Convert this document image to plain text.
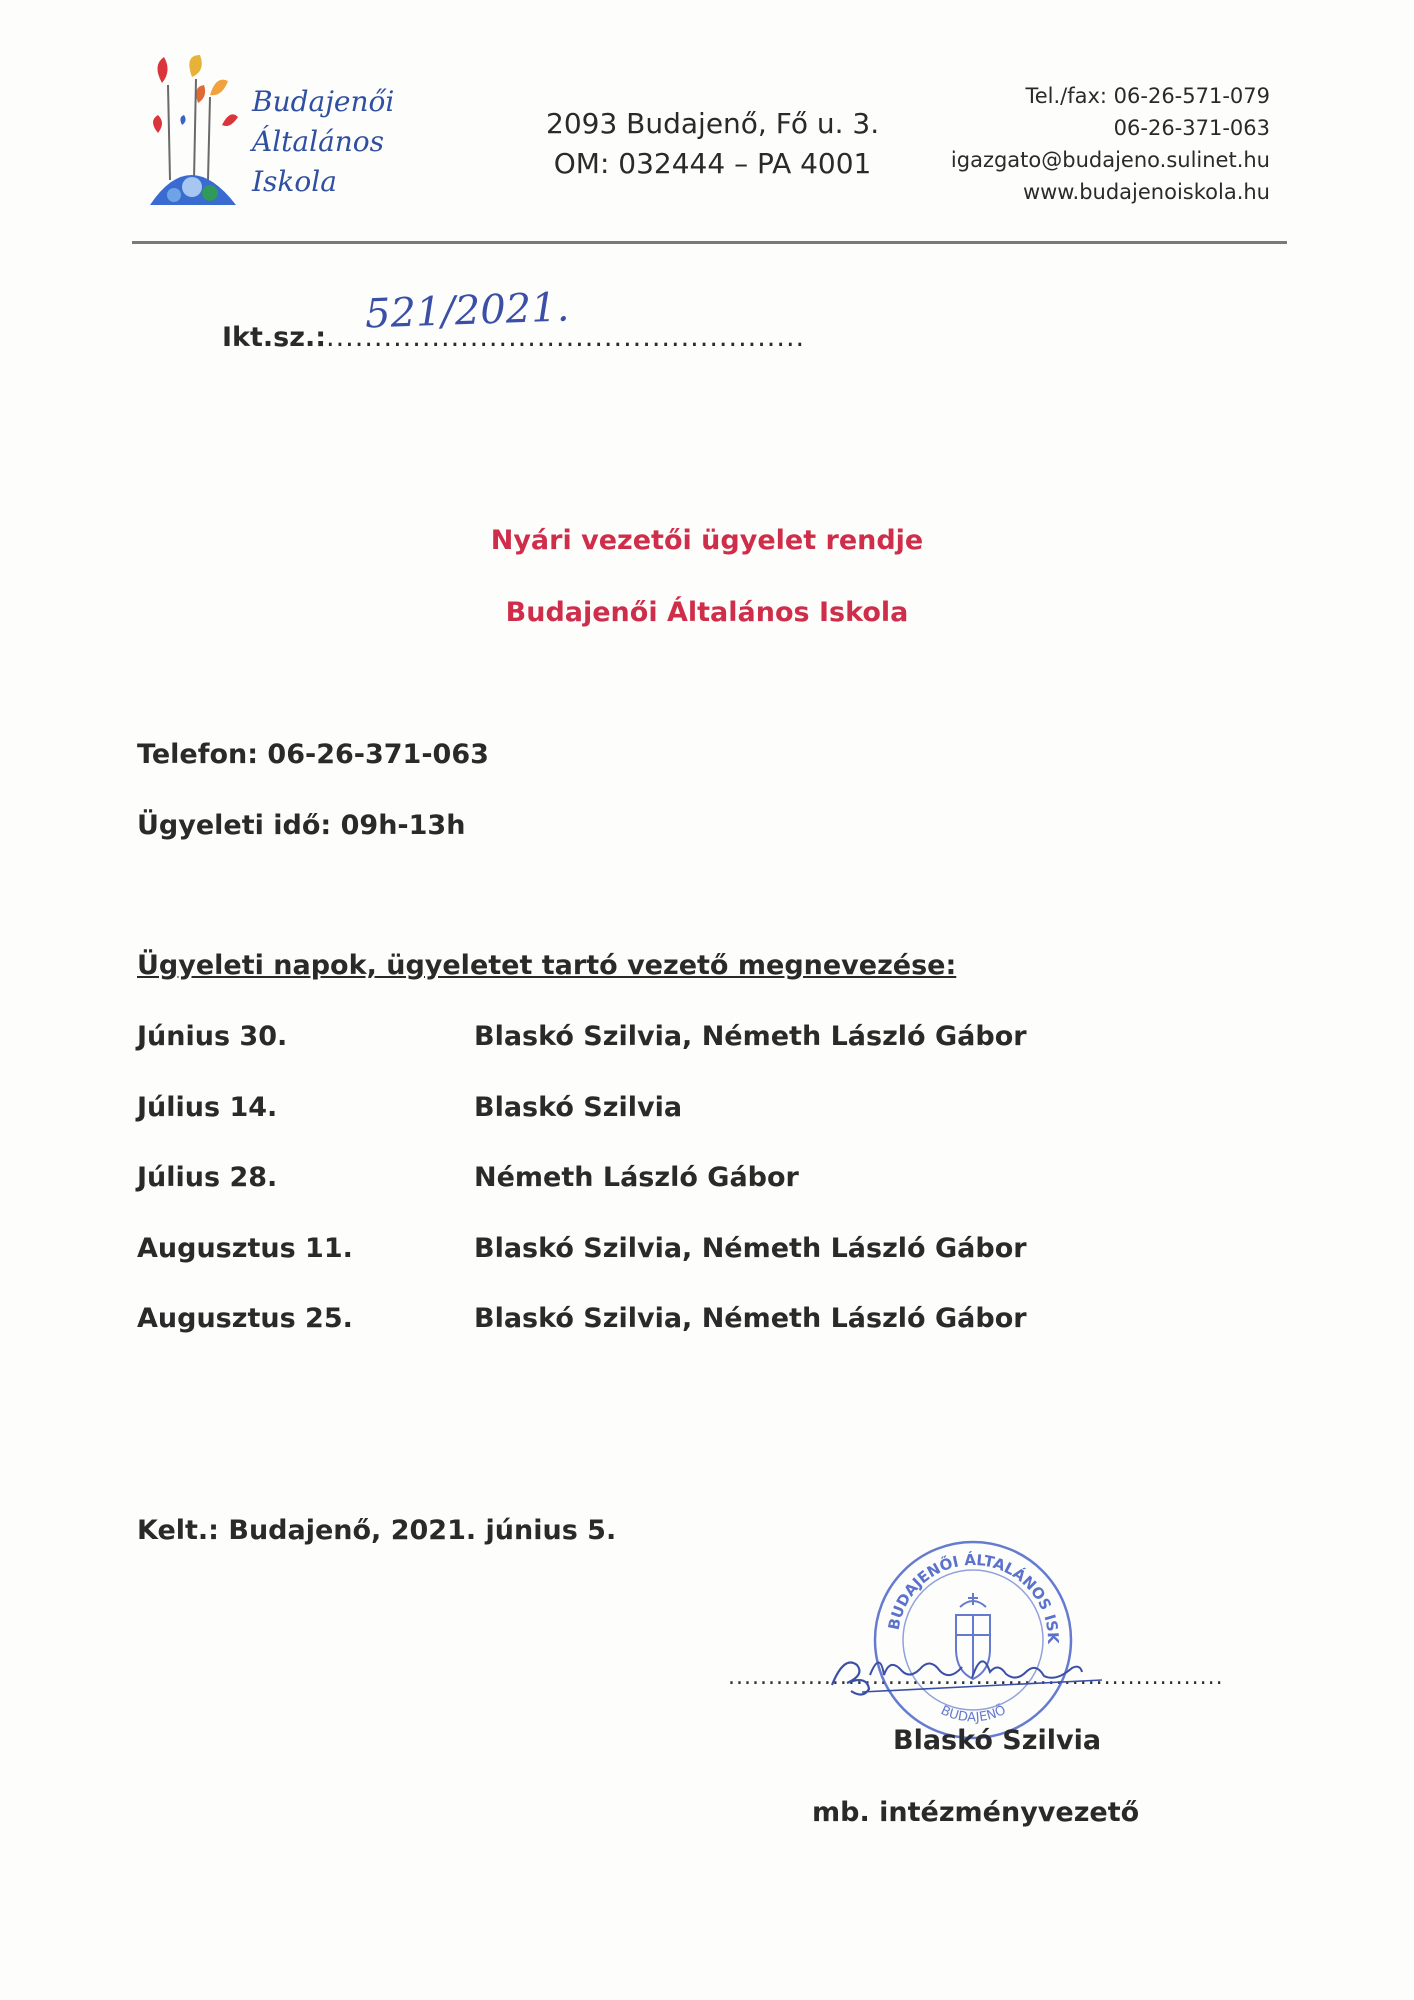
Budajenői
Általános
Iskola
2093 Budajenő, Fő u. 3.
OM: 032444 – PA 4001
Tel./fax: 06-26-571-079
06-26-371-063
igazgato@budajeno.sulinet.hu
www.budajenoiskola.hu
Ikt.sz.:..................................................
521/2021.
Nyári vezetői ügyelet rendje
Budajenői Általános Iskola
Telefon: 06-26-371-063
Ügyeleti idő: 09h-13h
Ügyeleti napok, ügyeletet tartó vezető megnevezése:
Június 30.	Blaskó Szilvia, Németh László Gábor
Július 14.	Blaskó Szilvia
Július 28.	Németh László Gábor
Augusztus 11.	Blaskó Szilvia, Németh László Gábor
Augusztus 25.	Blaskó Szilvia, Németh László Gábor
Kelt.: Budajenő, 2021. június 5.
..............................................................
BUDAJENŐI ÁLTALÁNOS ISK
BUDAJENŐ
Blaskó Szilvia
mb. intézményvezető
